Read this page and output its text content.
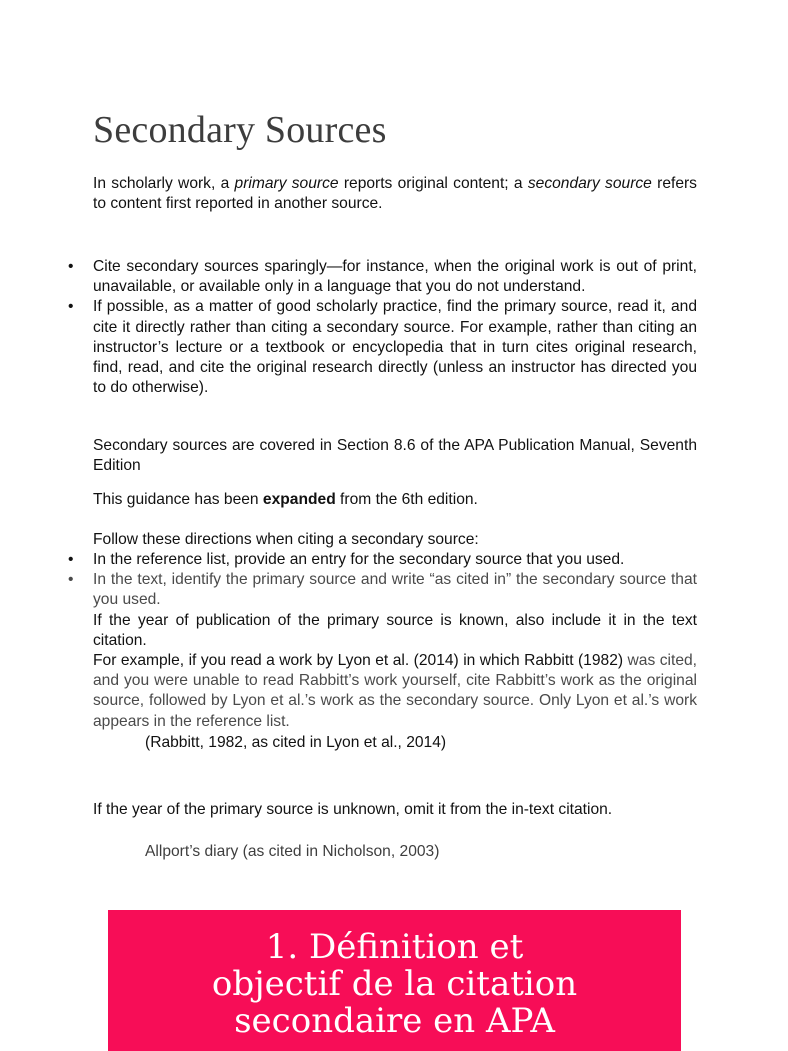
Secondary Sources
In scholarly work, a primary source reports original content; a secondary source refers to content first reported in another source.
• Cite secondary sources sparingly—for instance, when the original work is out of print, unavailable, or available only in a language that you do not understand.
• If possible, as a matter of good scholarly practice, find the primary source, read it, and cite it directly rather than citing a secondary source. For example, rather than citing an instructor’s lecture or a textbook or encyclopedia that in turn cites original research, find, read, and cite the original research directly (unless an instructor has directed you to do otherwise).
Secondary sources are covered in Section 8.6 of the APA Publication Manual, Seventh Edition
This guidance has been expanded from the 6th edition.
Follow these directions when citing a secondary source:
• In the reference list, provide an entry for the secondary source that you used.
• In the text, identify the primary source and write “as cited in” the secondary source that you used.
If the year of publication of the primary source is known, also include it in the text citation.
For example, if you read a work by Lyon et al. (2014) in which Rabbitt (1982) was cited, and you were unable to read Rabbitt’s work yourself, cite Rabbitt’s work as the original source, followed by Lyon et al.’s work as the secondary source. Only Lyon et al.’s work appears in the reference list.
(Rabbitt, 1982, as cited in Lyon et al., 2014)
If the year of the primary source is unknown, omit it from the in-text citation.
Allport’s diary (as cited in Nicholson, 2003)
1. Définition et
objectif de la citation
secondaire en APA
